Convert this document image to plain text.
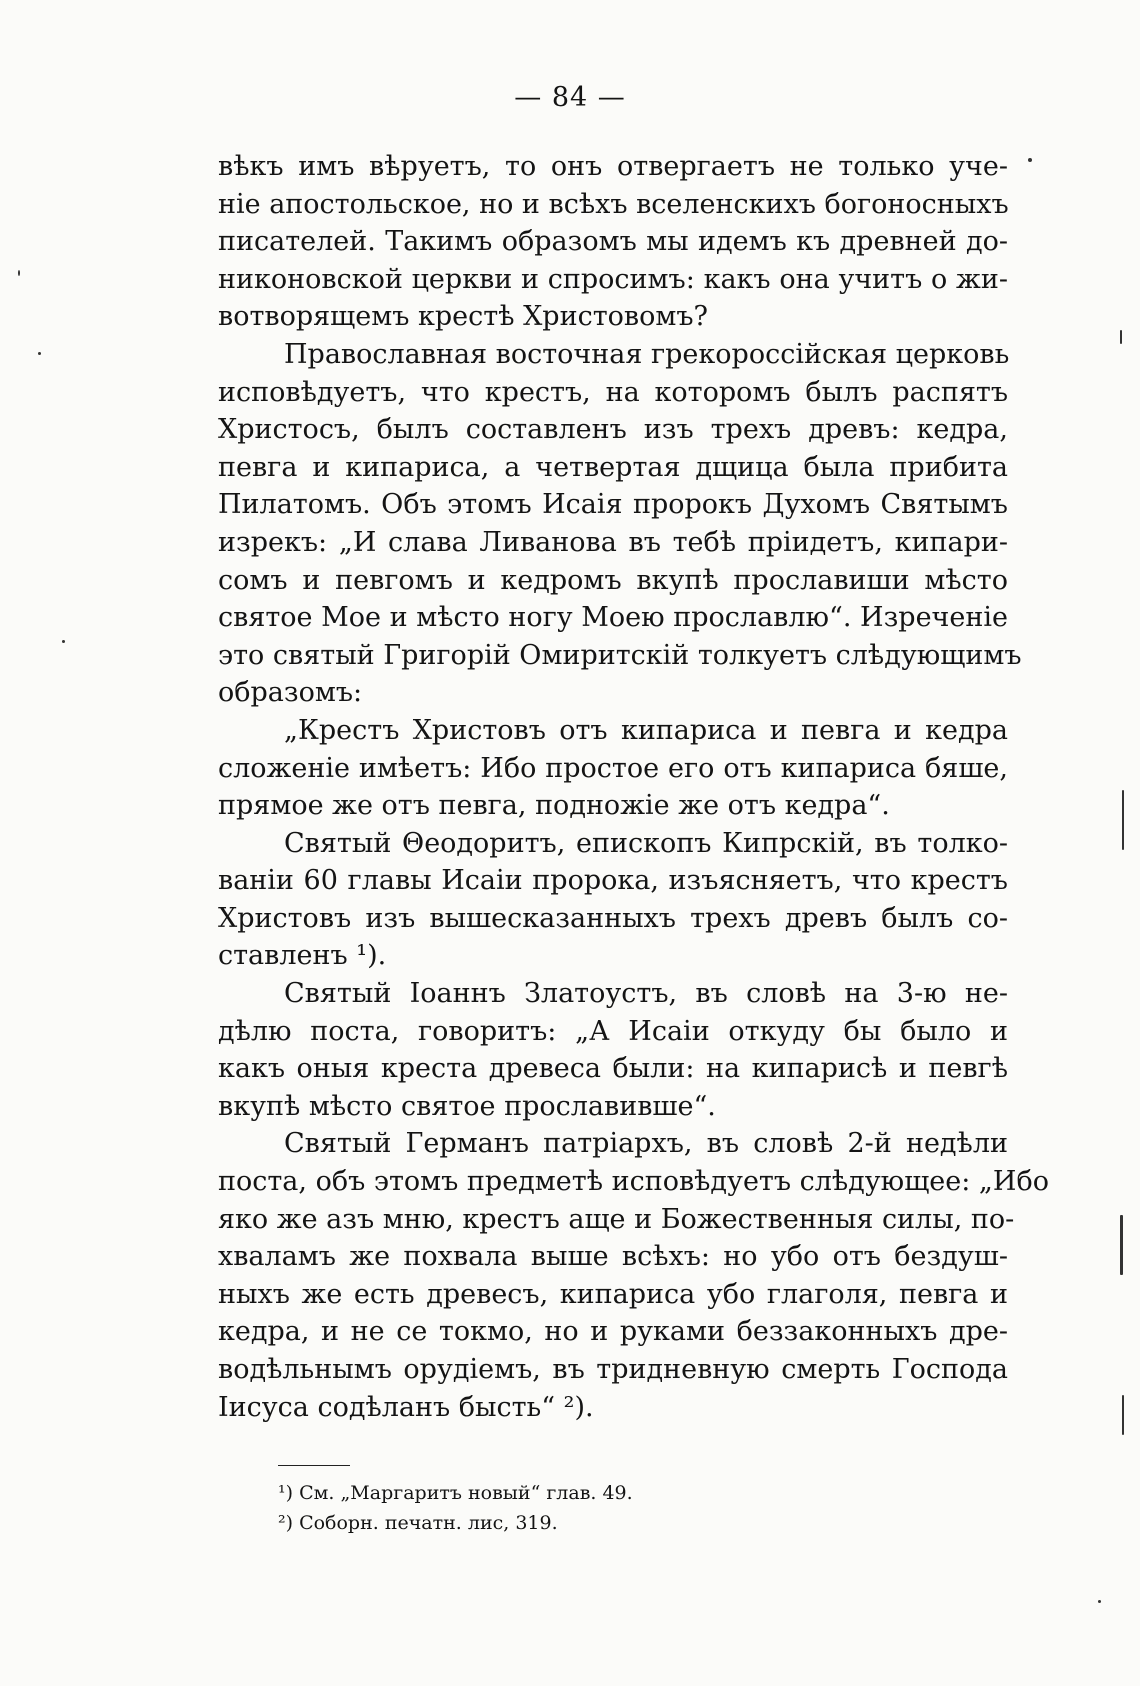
— 84 —
вѣкъ имъ вѣруетъ, то онъ отвергаетъ не только уче-
ніе апостольское, но и всѣхъ вселенскихъ богоносныхъ
писателей. Такимъ образомъ мы идемъ къ древней до-
никоновской церкви и спросимъ: какъ она учитъ о жи-
вотворящемъ крестѣ Христовомъ?
Православная восточная грекороссійская церковь
исповѣдуетъ, что крестъ, на которомъ былъ распятъ
Христосъ, былъ составленъ изъ трехъ древъ: кедра,
певга и кипариса, а четвертая дщица была прибита
Пилатомъ. Объ этомъ Исаія пророкъ Духомъ Святымъ
изрекъ: „И слава Ливанова въ тебѣ пріидетъ, кипари-
сомъ и певгомъ и кедромъ вкупѣ прославиши мѣсто
святое Мое и мѣсто ногу Моею прославлю“. Изреченіе
это святый Григорій Омиритскій толкуетъ слѣдующимъ
образомъ:
„Крестъ Христовъ отъ кипариса и певга и кедра
сложеніе имѣетъ: Ибо простое его отъ кипариса бяше,
прямое же отъ певга, подножіе же отъ кедра“.
Святый Θеодоритъ, епископъ Кипрскій, въ толко-
ваніи 60 главы Исаіи пророка, изъясняетъ, что крестъ
Христовъ изъ вышесказанныхъ трехъ древъ былъ со-
ставленъ ¹).
Святый Іоаннъ Златоустъ, въ словѣ на 3-ю не-
дѣлю поста, говоритъ: „А Исаіи откуду бы было и
какъ оныя креста древеса были: на кипарисѣ и певгѣ
вкупѣ мѣсто святое прославивше“.
Святый Германъ патріархъ, въ словѣ 2-й недѣли
поста, объ этомъ предметѣ исповѣдуетъ слѣдующее: „Ибо
яко же азъ мню, крестъ аще и Божественныя силы, по-
хваламъ же похвала выше всѣхъ: но убо отъ бездуш-
ныхъ же есть древесъ, кипариса убо глаголя, певга и
кедра, и не се токмо, но и руками беззаконныхъ дре-
водѣльнымъ орудіемъ, въ тридневную смерть Господа
Іисуса содѣланъ бысть“ ²).
¹) См. „Маргаритъ новый“ глав. 49.
²) Соборн. печатн. лис, 319.
